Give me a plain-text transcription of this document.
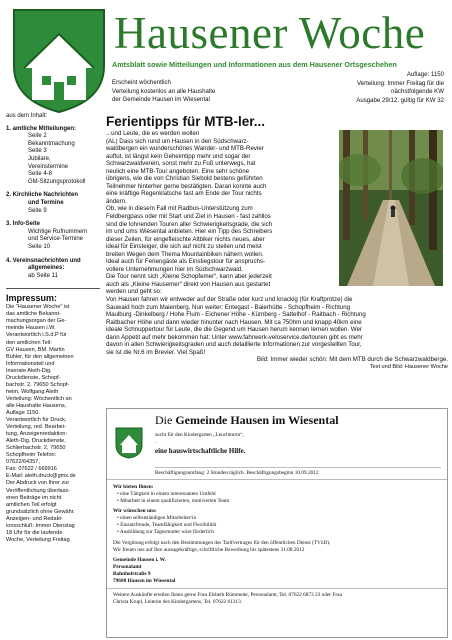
Hausener Woche
Amtsblatt sowie Mitteilungen und Informationen aus dem Hausener Ortsgeschehen
Erscheint wöchentlich
Verteilung kostenlos an alle Haushalte
der Gemeinde Hausen im Wiesental
Auflage: 1150
Verteilung: Immer Freitag für die
nächstfolgende KW
Ausgabe 29/12, gültig für KW 32
aus dem Inhalt:
1. amtliche Mitteilungen:
Seite 2
Bekanntmachung
Seite 3
Jubilare,
Vereinstermine
Seite 4-8
GM-Sitzungsprotokoll
2. Kirchliche Nachrichten
und Termine
Seite 9
3. Info-Seite
Wichtige Rufnummern
und Service-Termine
Seite 10
4. Vereinsnachrichten und
allgemeines:
ab Seite 11
Impressum:
Die “Hausener Woche” ist
das amtliche Bekannt-
machungsorgan der Ge-
meinde Hausen i.W.
Verantwortlich i.S.d.P für
den amtlichen Teil:
GV Hausen, BM. Martin
Bühler, für den allgemeinen
Informationsteil und
Inserate Aleth-Dig.
Druckdienste, Schopf-
bachstr. 2, 79650 Schopf-
heim, Wolfgang Aleth
Verteilung: Wöchentlich an
alle Haushalte Hausens,
Auflage 1150.
Verantwortlich für Druck,
Verteilung, red. Bearbei-
tung, Anzeigenredaktion:
Aleth-Dig. Druckdienste,
Schlierbachstr. 2, 79650
Schopfheim Telefon:
07622/64357,
Fax: 07622 / 669916
E-Mail: aleth.druck@gmx.de
Der Abdruck von Ihrer zur
Veröffentlichung überlass-
enen Beiträge im nicht
amtlichen Teil erfolgt
grundsätzlich ohne Gewähr.
Anzeigen- und Redakt-
ionsschluß: Immer Dienstag
18 Uhr für die laufende
Woche, Verteilung Freitag
Ferientipps für MTB-ler...
...und Leute, die es werden wollen
(AL) Dass sich rund um Hausen in den Südschwarz-
waldbergen ein wunderschönes Wander- und MTB-Revier
auftut, ist längst kein Geheimtipp mehr und sogar der
Schwarzwaldverein, sonst mehr zu Fuß unterwegs, hat
neulich eine MTB-Tour angeboten. Eine sehr schöne
übrigens, wie die von Christian Siebold bestens geführten
Teilnehmer hinterher gerne bestätigten. Daran konnte auch
eine kräftige Regenklatsche fast am Ende der Tour nichts
ändern.
Ob, wie in diesem Fall mit Radbus-Unterstützung zum
Feldbergpass oder mit Start und Ziel in Hausen - fast zahllos
sind die lohnenden Touren aller Schwierigkeitsgrade, die sich
im und ums Wiesental anbieten. Hier ein Tipp des Schreibers
dieser Zeilen, für eingefleischte Altbiker nichts neues, aber
ideal für Einsteiger, die sich auf nicht zu steilen und meist
breiten Wegen dem Thema Mountainbiken nähern wollen.
Ideal auch für Feriengäste als Einstiegstour für anspruchs-
vollere Unternehmungen hier im Südschwarzwald.
Die Tour nennt sich „Kleine Schopfemer“, kann aber jederzeit
auch als „Kleine Hausemer“ direkt von Hausen aus gestartet
werden und geht so:
Von Hausen fahren wir entweder auf der Straße oder kurz und knackig (für Kraftprotze) die
Sauwaid hoch zum Maienberg. Nun weiter: Entegast - Baierhütte - Schopfheim - Richtung
Maulburg -Dinkelberg / Hohe Flum - Eichener Höhe - Kürnberg - Sattelhof - Raitbach - Richtung
Raitbacher Höhe und dann wieder hinunter nach Hausen. Mit ca 750hm und knapp 40km eine
ideale Schnuppertour für Leute, die die Gegend um Hausen herum kennen lernen wollen. Wer
dann Appetit auf mehr bekommen hat: Unter www.fahrwerk-veloservice.de/touren gibt es mehr
davon in allen Schwierigkeitsgraden und auch detaillierte Informationen zur vorgestellten Tour,
sie ist die Nr.6 im Brevier. Viel Spaß!
Bild: Immer wieder schön: Mit dem MTB durch die Schwarzwaldberge.
Text und Bild: Hausener Woche
Die Gemeinde Hausen im Wiesental
sucht für den Kindergarten „Leuchtturm“,
.
eine hauswirtschaftliche Hilfe.
Beschäftigungsumfang: 2 Stunden täglich. Beschäftigungsbeginn 10.09.2012
Wir bieten Ihnen:
• eine Tätigkeit in einem interessanten Umfeld
• Mitarbeit in einem qualifizierten, motivierten Team
Wir wünschen uns:
• einen selbstständigen Mitarbeiter/in
• Einsatzfreude, Teamfähigkeit und Flexibilität
• Ausbildung zur Tagesmutter wäre förderlich
Die Vergütung erfolgt nach den Bestimmungen des Tarifvertrages für den öffentlichen Dienst (TVöD).
Wir freuen uns auf Ihre aussagekräftige, schriftliche Bewerbung bis spätestens 31.08.2012
Gemeinde Hausen i. W.
Personalamt
Bahnhofstraße 9
79688 Hausen im Wiesental
Weitere Auskünfte erteilen Ihnen gerne Frau Elsbeth Rümmeier, Personalamt, Tel. 07622 6873 23 oder Frau
Christa Krupl, Leiterin des Kindergartens, Tel. 07622 61313.
